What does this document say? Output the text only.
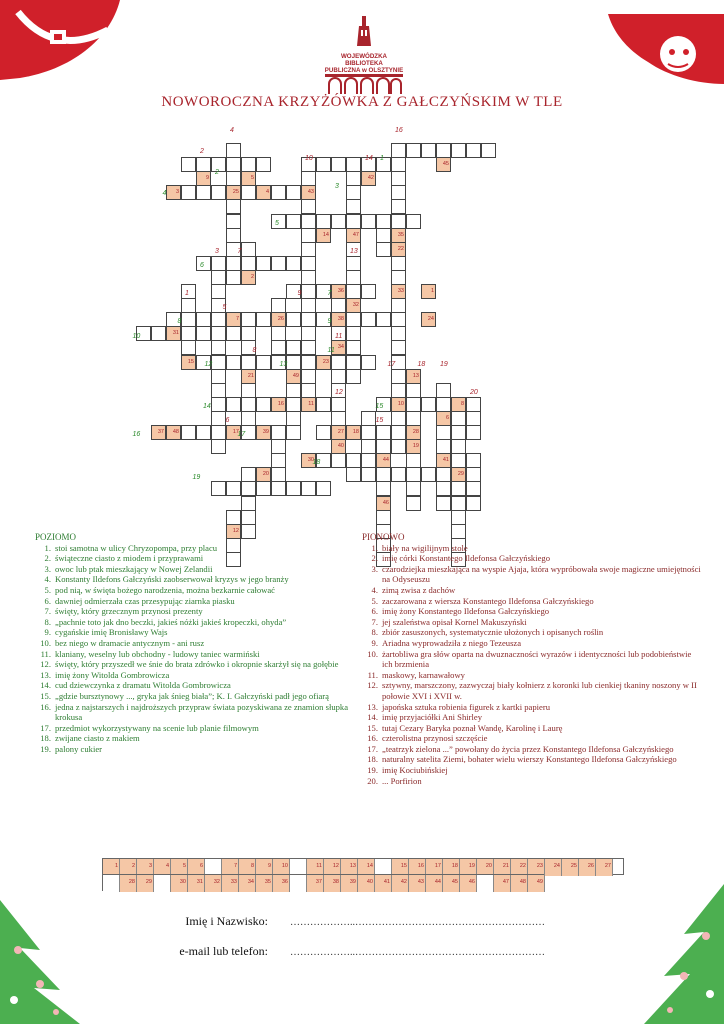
WOJEWÓDZKA BIBLIOTEKA
PUBLICZNA w OLSZTYNIE
NOWOROCZNA KRZYŻÓWKA Z GAŁCZYŃSKIM W TLE
35
22
33
10
9
43
3	25	4
47
2
32
36
15
11
38
34
27
7	26
31
21
23
49	13
28
19
6
41
8
16
37 48	17	39	18
44
46
29
30
12
45
42
5
14
1
24
40
20
4	16
2
10	14 1
2
3
4
5
3	7	13
6
1	9	7
5
8	9
10	11
8	11
12	13	17	18 19
12	20
14	15
6	15
16	17
18
19
POZIOMO
1. stoi samotna w ulicy Chryzopompa, przy placu
2. świąteczne ciasto z miodem i przyprawami
3. owoc lub ptak mieszkający w Nowej Zelandii
4. Konstanty Ildefons Gałczyński zaobserwował kryzys w jego branży
5. pod nią, w święta bożego narodzenia, można bezkarnie całować
6. dawniej odmierzała czas przesypując ziarnka piasku
7. święty, który grzecznym przynosi prezenty
8. „pachnie toto jak dno beczki, jakieś nóżki jakieś kropeczki, ohyda”
9. cygańskie imię Bronisławy Wajs
10. bez niego w dramacie antycznym - ani rusz
11. klaniany, weselny lub obchodny - ludowy taniec warmiński
12. święty, który przyszedł we śnie do brata zdrówko i okropnie skarżył się na gołębie
13. imię żony Witolda Gombrowicza
14. cud dziewczynka z dramatu Witolda Gombrowicza
15. „gdzie bursztynowy ..., gryka jak śnieg biała”; K. I. Gałczyński padł jego ofiarą
16. jedna z najstarszych i najdroższych przypraw świata pozyskiwana ze znamion słupka krokusa
17. przedmiot wykorzystywany na scenie lub planie filmowym
18. zwijane ciasto z makiem
19. palony cukier
PIONOWO
1. biały na wigilijnym stole
2. imię córki Konstantego Ildefonsa Gałczyńskiego
3. czarodziejka mieszkająca na wyspie Ajaja, która wypróbowała swoje magiczne umiejętności na Odyseuszu
4. zimą zwisa z dachów
5. zaczarowana z wiersza Konstantego Ildefonsa Gałczyńskiego
6. imię żony Konstantego Ildefonsa Gałczyńskiego
7. jej szaleństwa opisał Kornel Makuszyński
8. zbiór zasuszonych, systematycznie ułożonych i opisanych roślin
9. Ariadna wyprowadziła z niego Tezeusza
10. żartobliwa gra słów oparta na dwuznaczności wyrazów i identyczności lub podobieństwie ich brzmienia
11. maskowy, karnawałowy
12. sztywny, marszczony, zazwyczaj biały kołnierz z koronki lub cienkiej tkaniny noszony w II połowie XVI i XVII w.
13. japońska sztuka robienia figurek z kartki papieru
14. imię przyjaciółki Ani Shirley
15. tutaj Cezary Baryka poznał Wandę, Karolinę i Laurę
16. czterolistna przynosi szczęście
17. „teatrzyk zielona ...” powołany do życia przez Konstantego Ildefonsa Gałczyńskiego
18. naturalny satelita Ziemi, bohater wielu wierszy Konstantego Ildefonsa Gałczyńskiego
19. imię Kociubińskiej
20. ... Porfirion
1	2	3	4	5	6	7	8	9 10	11 12 13 14	15 16 17 18 19 20 21 22 23 24 25 26 27
28 29	30 31 32 33 34 35 36	37 38 39 40 41 42 43 44 45 46	47 48 49
Imię i Nazwisko: ………………..…………………………………………………
e-mail lub telefon: ………………..…………………………………………………
